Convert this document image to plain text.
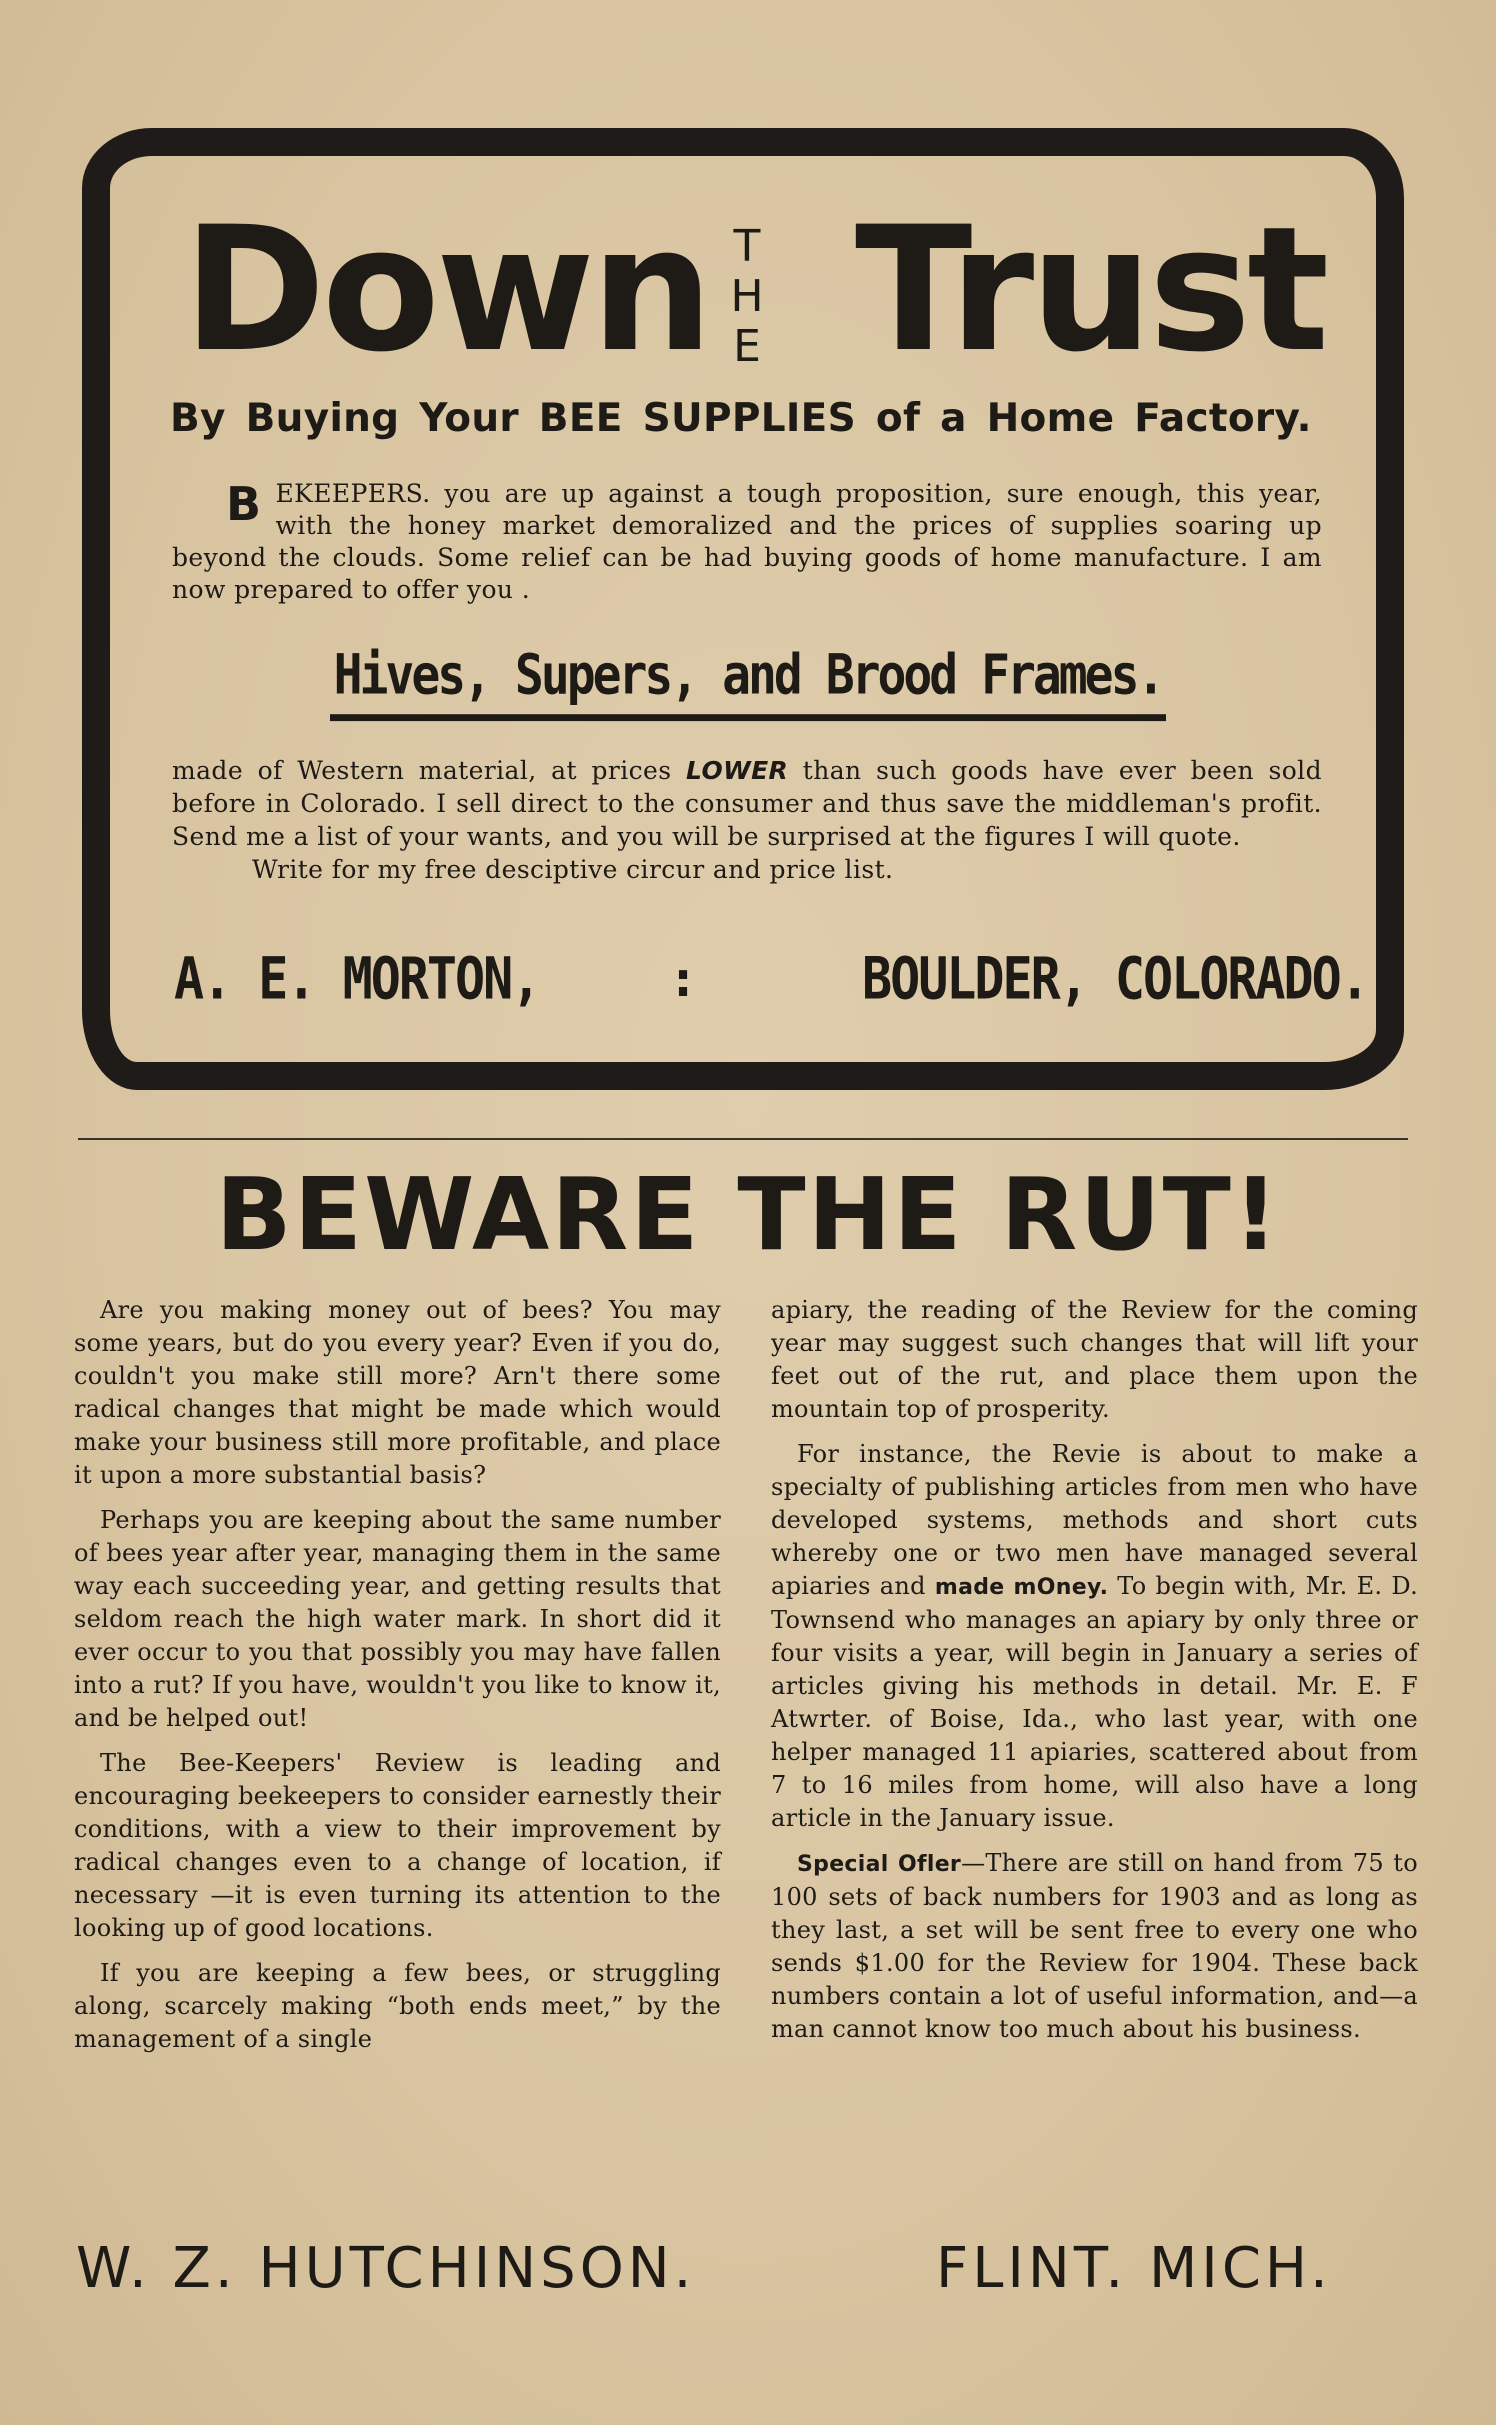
Down THE Trust
By Buying Your BEE SUPPLIES of a Home Factory.
B EKEEPERS. you are up against a tough proposition, sure enough, this year, with the honey market demoralized and the prices of supplies soaring up beyond the clouds. Some relief can be had buying goods of home manufacture. I am now prepared to offer you .
Hives, Supers, and Brood Frames.
made of Western material, at prices LOWER than such goods have ever been sold before in Colorado. I sell direct to the consumer and thus save the middleman's profit. Send me a list of your wants, and you will be surprised at the figures I will quote.
Write for my free desciptive circur and price list.
A. E. MORTON,	:	BOULDER, COLORADO.
BEWARE THE RUT!

Are you making money out of bees? You may some years, but do you every year? Even if you do, couldn't you make still more? Arn't there some radical changes that might be made which would make your business still more profitable, and place it upon a more substantial basis?

Perhaps you are keeping about the same number of bees year after year, managing them in the same way each succeeding year, and getting results that seldom reach the high water mark. In short did it ever occur to you that possibly you may have fallen into a rut? If you have, wouldn't you like to know it, and be helped out!

The Bee-Keepers' Review is leading and encouraging beekeepers to consider earnestly their conditions, with a view to their improvement by radical changes even to a change of location, if necessary —it is even turning its attention to the looking up of good locations.

If you are keeping a few bees, or struggling along, scarcely making “both ends meet,” by the management of a single

apiary, the reading of the Review for the coming year may suggest such changes that will lift your feet out of the rut, and place them upon the mountain top of prosperity.

For instance, the Revie is about to make a specialty of publishing articles from men who have developed systems, methods and short cuts whereby one or two men have managed several apiaries and made mOney. To begin with, Mr. E. D. Townsend who manages an apiary by only three or four visits a year, will begin in January a series of articles giving his methods in detail. Mr. E. F Atwrter. of Boise, Ida., who last year, with one helper managed 11 apiaries, scattered about from 7 to 16 miles from home, will also have a long article in the January issue.

Special Ofler—There are still on hand from 75 to 100 sets of back numbers for 1903 and as long as they last, a set will be sent free to every one who sends $1.00 for the Review for 1904. These back numbers contain a lot of useful information, and—a man cannot know too much about his business.

W. Z. HUTCHINSON.	FLINT. MICH.
